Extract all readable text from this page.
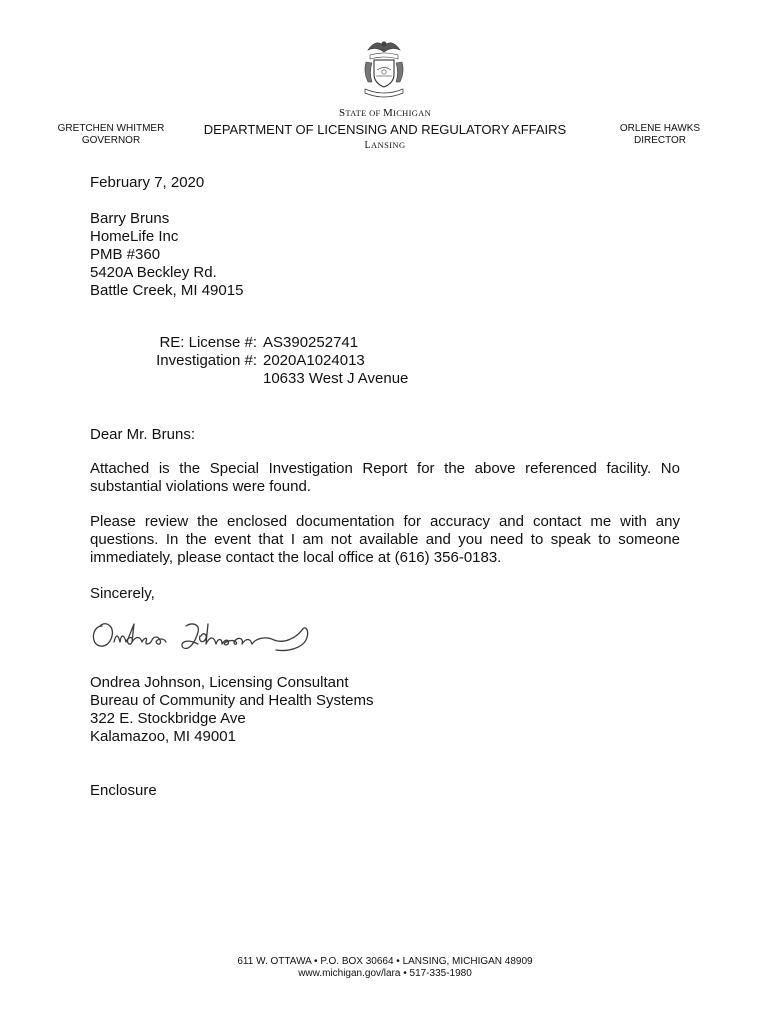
STATE OF MICHIGAN
DEPARTMENT OF LICENSING AND REGULATORY AFFAIRS
LANSING
GRETCHEN WHITMER
GOVERNOR
ORLENE HAWKS
DIRECTOR
February 7, 2020
Barry Bruns
HomeLife Inc
PMB #360
5420A Beckley Rd.
Battle Creek, MI 49015
RE: License #:
Investigation #:
AS390252741
2020A1024013
10633 West J Avenue
Dear Mr. Bruns:
Attached is the Special Investigation Report for the above referenced facility. No substantial violations were found.
Please review the enclosed documentation for accuracy and contact me with any questions. In the event that I am not available and you need to speak to someone immediately, please contact the local office at (616) 356-0183.
Sincerely,
Ondrea Johnson, Licensing Consultant
Bureau of Community and Health Systems
322 E. Stockbridge Ave
Kalamazoo, MI 49001
Enclosure
611 W. OTTAWA • P.O. BOX 30664 • LANSING, MICHIGAN 48909
www.michigan.gov/lara • 517-335-1980
